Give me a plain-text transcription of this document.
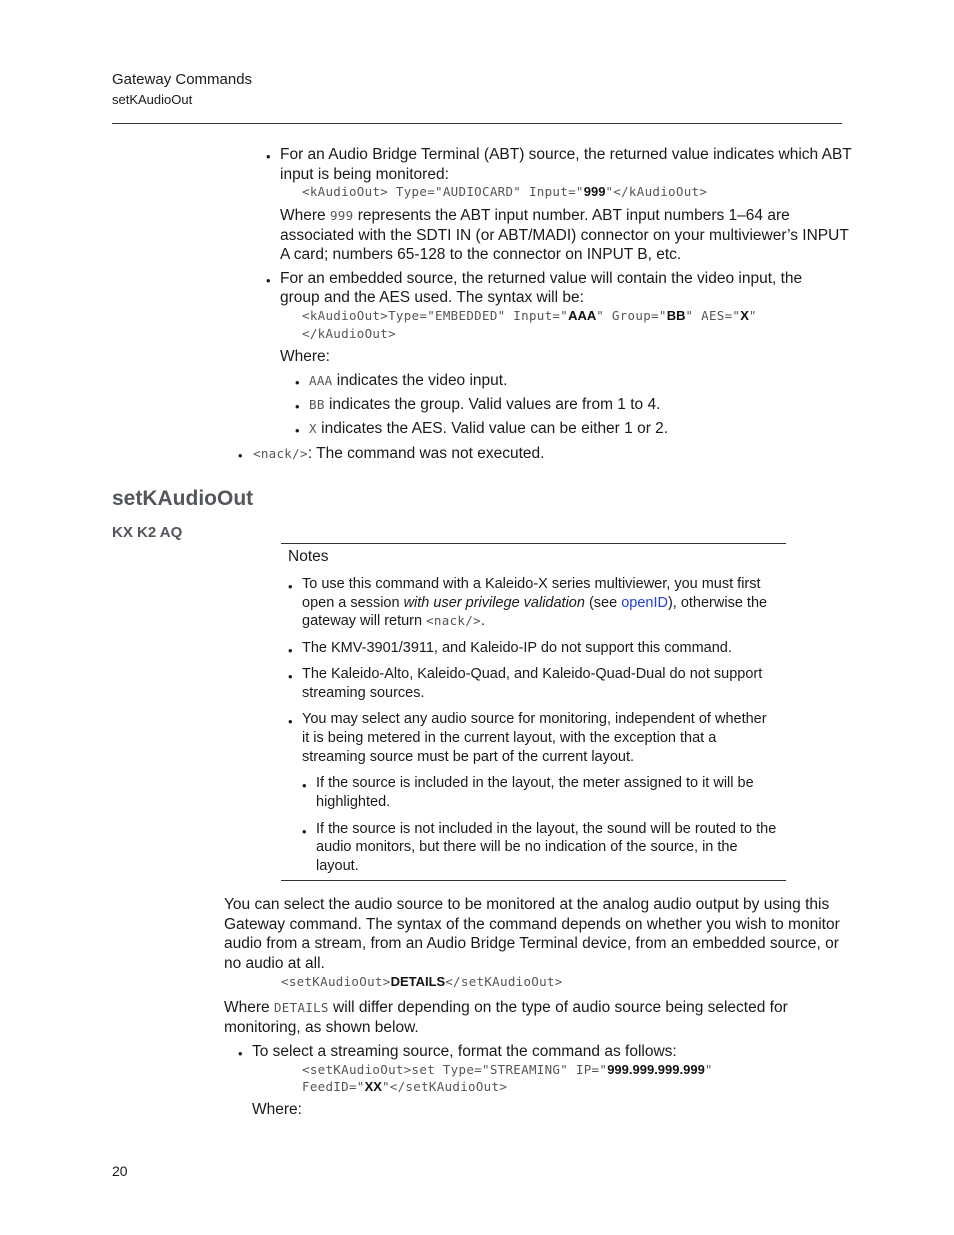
Gateway Commands
setKAudioOut
• For an Audio Bridge Terminal (ABT) source, the returned value indicates which ABT
input is being monitored:
<kAudioOut> Type="AUDIOCARD" Input="999"</kAudioOut>
Where 999 represents the ABT input number. ABT input numbers 1–64 are
associated with the SDTI IN (or ABT/MADI) connector on your multiviewer’s INPUT
A card; numbers 65-128 to the connector on INPUT B, etc.
• For an embedded source, the returned value will contain the video input, the
group and the AES used. The syntax will be:
<kAudioOut>Type="EMBEDDED" Input="AAA" Group="BB" AES="X"
</kAudioOut>
Where:
• AAA indicates the video input.
• BB indicates the group. Valid values are from 1 to 4.
• X indicates the AES. Valid value can be either 1 or 2.
• <nack/>: The command was not executed.
setKAudioOut
KX K2 AQ
Notes
• To use this command with a Kaleido-X series multiviewer, you must first
open a session with user privilege validation (see openID), otherwise the
gateway will return <nack/>.
• The KMV-3901/3911, and Kaleido-IP do not support this command.
• The Kaleido-Alto, Kaleido-Quad, and Kaleido-Quad-Dual do not support
streaming sources.
• You may select any audio source for monitoring, independent of whether
it is being metered in the current layout, with the exception that a
streaming source must be part of the current layout.
• If the source is included in the layout, the meter assigned to it will be
highlighted.
• If the source is not included in the layout, the sound will be routed to the
audio monitors, but there will be no indication of the source, in the
layout.
You can select the audio source to be monitored at the analog audio output by using this
Gateway command. The syntax of the command depends on whether you wish to monitor
audio from a stream, from an Audio Bridge Terminal device, from an embedded source, or
no audio at all.
<setKAudioOut>DETAILS</setKAudioOut>
Where DETAILS will differ depending on the type of audio source being selected for
monitoring, as shown below.
• To select a streaming source, format the command as follows:
<setKAudioOut>set Type="STREAMING" IP="999.999.999.999"
FeedID="XX"</setKAudioOut>
Where:
20
